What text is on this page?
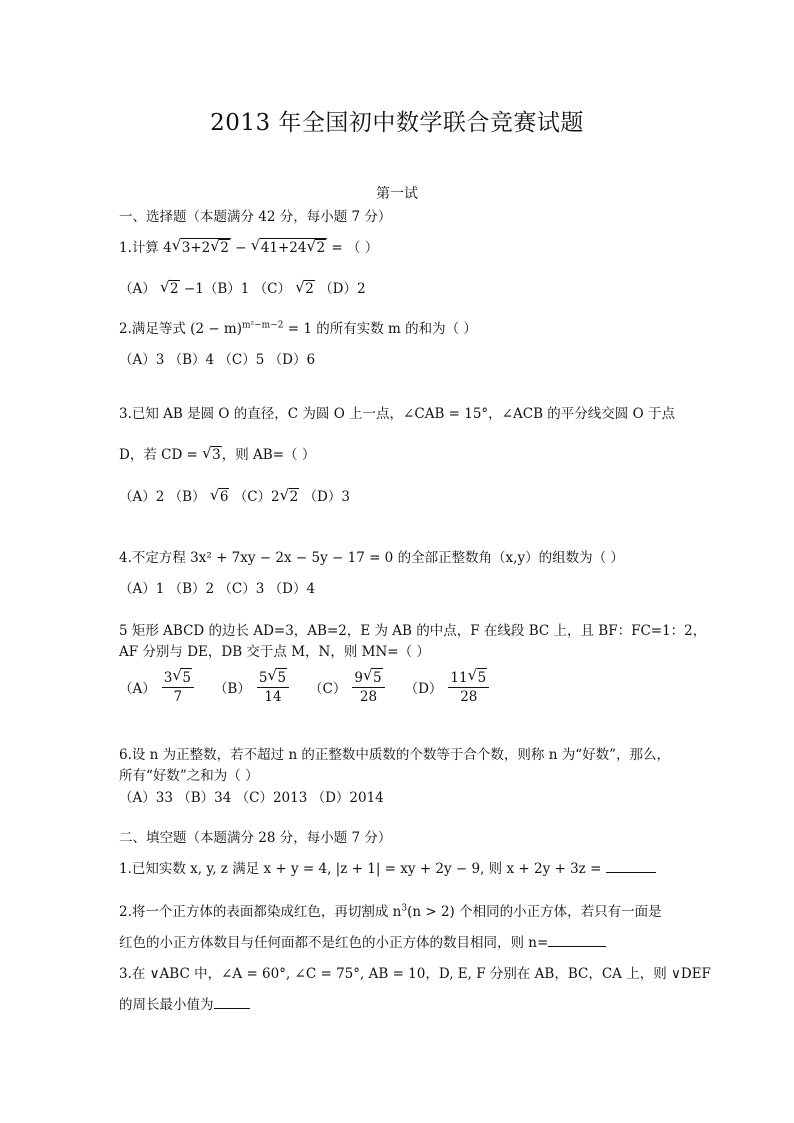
2013 年全国初中数学联合竞赛试题
第一试
一、选择题（本题满分 42 分，每小题 7 分）
1.计算 4 √ 3+2 √ 2 − √ 41+24 √ 2 = （ ）
（A） √ 2 −1（B）1 （C） √ 2 （D）2
2.满足等式 $(2 - m)^{m^2-m-2} = 1$ 的所有实数 m 的和为（ ）
（A）3 （B）4 （C）5 （D）6
3.已知 AB 是圆 O 的直径，C 为圆 O 上一点，∠CAB = 15°，∠ACB 的平分线交圆 O 于点
D，若 CD = √ 3，则 AB=（ ）
（A）2 （B） √ 6 （C）2 √ 2 （D）3
4.不定方程 3x² + 7xy − 2x − 5y − 17 = 0 的全部正整数角（x,y）的组数为（ ）
（A）1 （B）2 （C）3 （D）4
5 矩形 ABCD 的边长 AD=3，AB=2，E 为 AB 的中点，F 在线段 BC 上，且 BF：FC=1：2，
AF 分别与 DE，DB 交于点 M，N，则 MN=（ ）
$(A) \frac{3 √ 5}{7} (B) \frac{5 √ 5}{14} (C) \frac{9 √ 5}{28} (D) \frac{11 √ 5}{28}$
6.设 n 为正整数，若不超过 n 的正整数中质数的个数等于合个数，则称 n 为“好数”，那么，
所有“好数”之和为（ ）
（A）33 （B）34 （C）2013 （D）2014
二、填空题（本题满分 28 分，每小题 7 分）
1.已知实数 x, y, z 满足 x + y = 4, |z + 1| = xy + 2y − 9, 则 x + 2y + 3z =
2.将一个正方体的表面都染成红色，再切割成 $n^3(n > 2)$ 个相同的小正方体，若只有一面是
红色的小正方体数目与任何面都不是红色的小正方体的数目相同，则 n=
3.在 ∨ABC 中，∠A = 60°, ∠C = 75°, AB = 10，D, E, F 分别在 AB，BC，CA 上，则 ∨DEF
的周长最小值为
